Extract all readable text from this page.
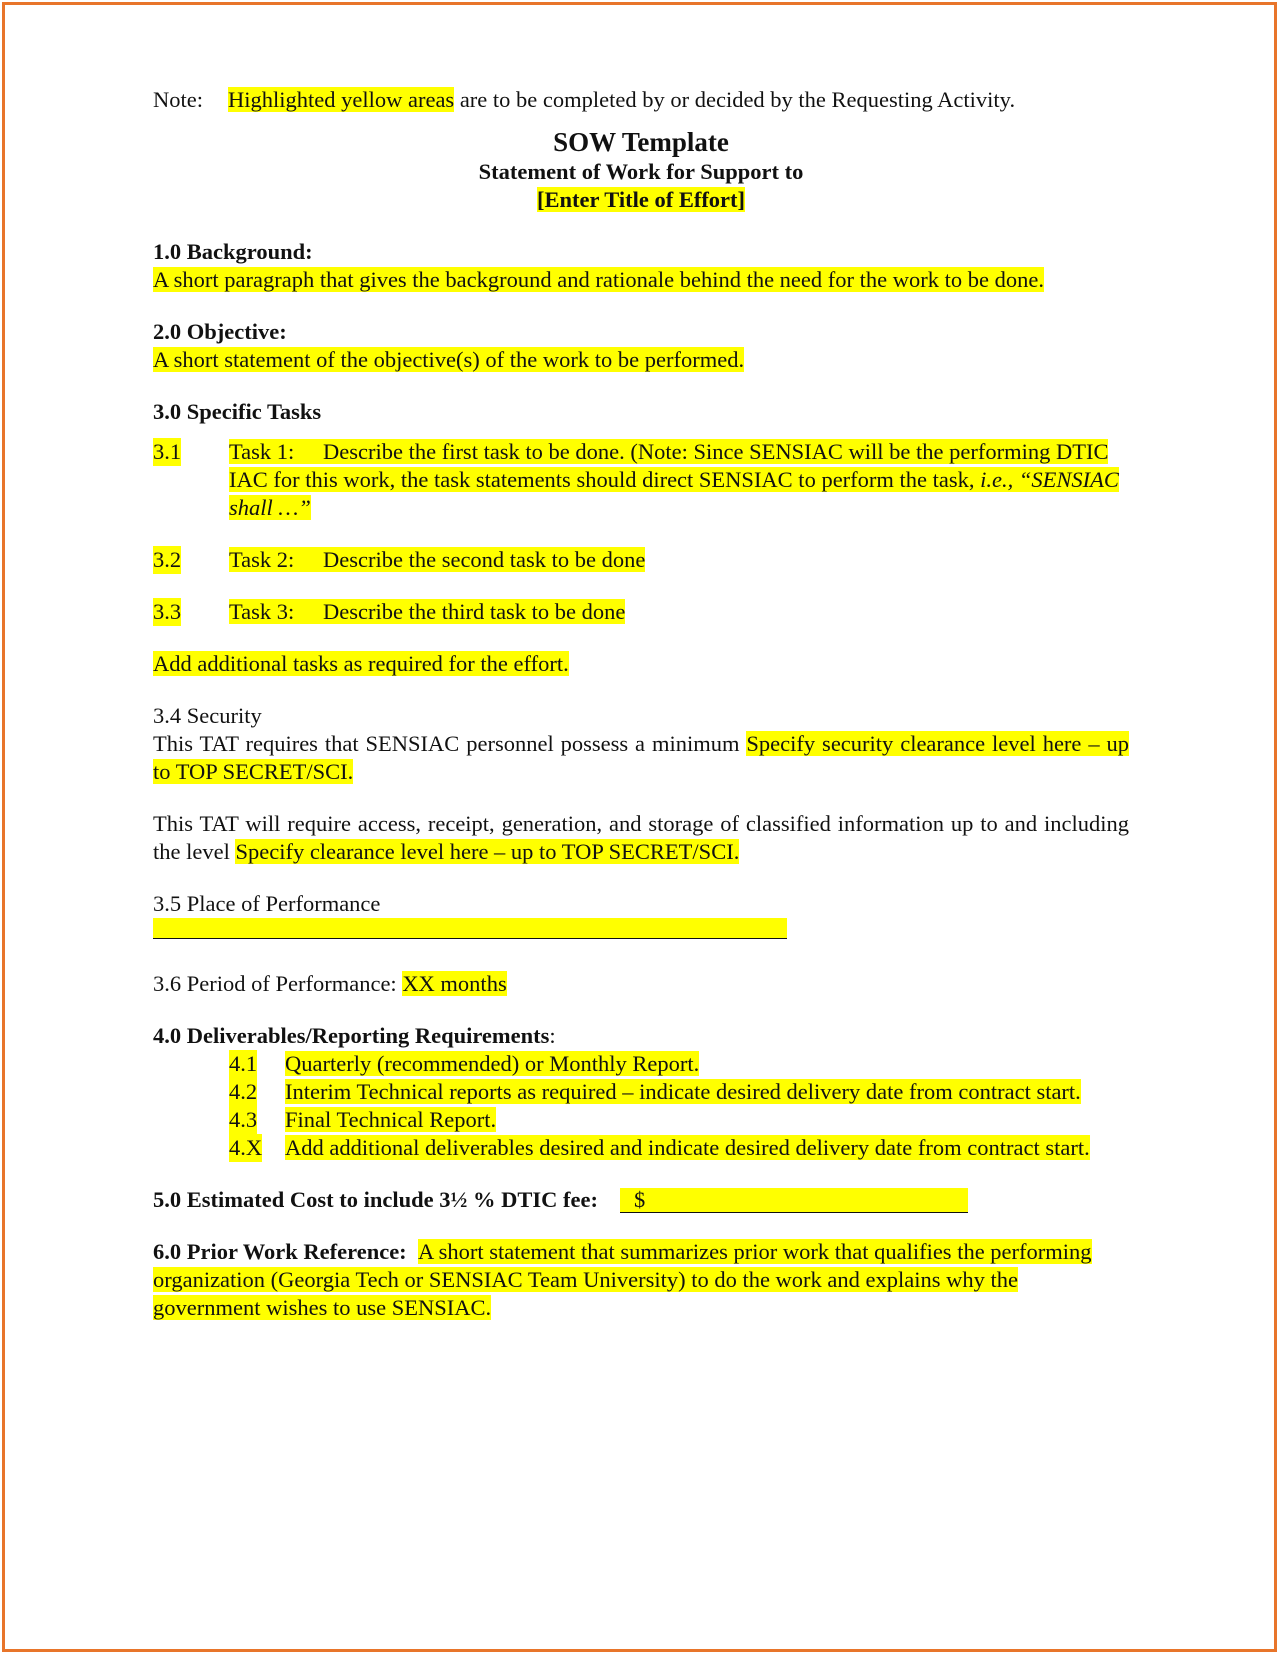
Note: Highlighted yellow areas are to be completed by or decided by the Requesting Activity.

SOW Template

Statement of Work for Support to

[Enter Title of Effort]

1.0 Background:

A short paragraph that gives the background and rationale behind the need for the work to be done.

2.0 Objective:

A short statement of the objective(s) of the work to be performed.

3.0 Specific Tasks

3.1 Task 1: Describe the first task to be done. (Note: Since SENSIAC will be the performing DTIC IAC for this work, the task statements should direct SENSIAC to perform the task, i.e., “SENSIAC shall …”
3.2 Task 2: Describe the second task to be done
3.3 Task 3: Describe the third task to be done

Add additional tasks as required for the effort.

3.4 Security

This TAT requires that SENSIAC personnel possess a minimum Specify security clearance level here – up to TOP SECRET/SCI.

This TAT will require access, receipt, generation, and storage of classified information up to and including the level Specify clearance level here – up to TOP SECRET/SCI.

3.5 Place of Performance

3.6 Period of Performance: XX months

4.0 Deliverables/Reporting Requirements:

4.1 Quarterly (recommended) or Monthly Report.
4.2 Interim Technical reports as required – indicate desired delivery date from contract start.
4.3 Final Technical Report.
4.X Add additional deliverables desired and indicate desired delivery date from contract start.

5.0 Estimated Cost to include 3½ % DTIC fee: $

6.0 Prior Work Reference: A short statement that summarizes prior work that qualifies the performing organization (Georgia Tech or SENSIAC Team University) to do the work and explains why the government wishes to use SENSIAC.
